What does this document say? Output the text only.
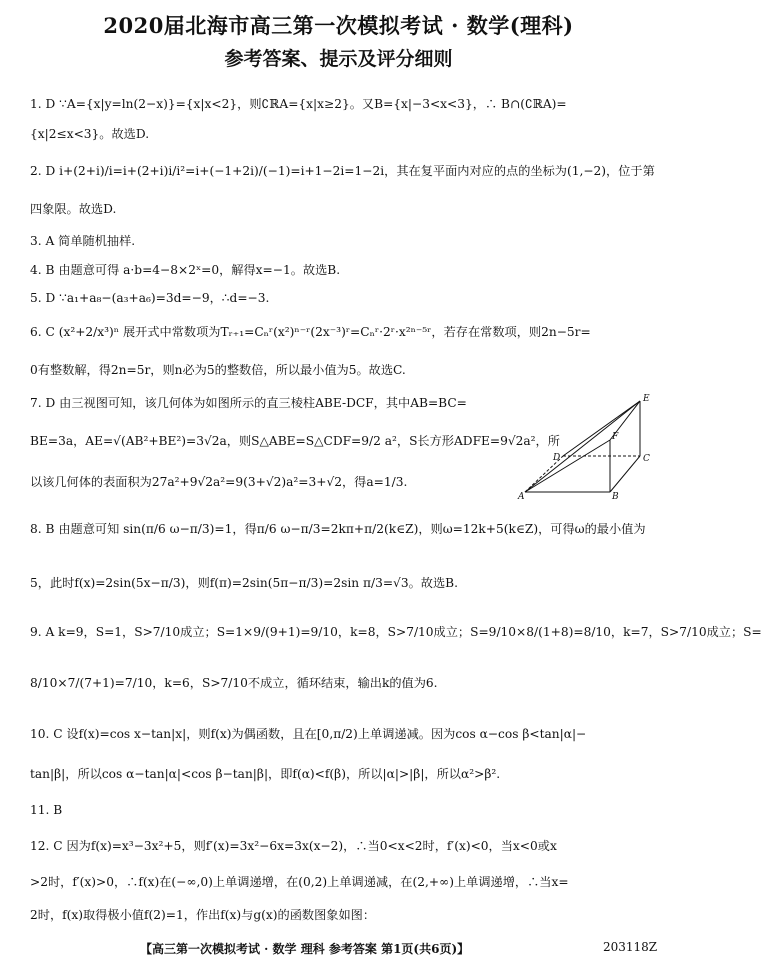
2020届北海市高三第一次模拟考试 · 数学(理科)
参考答案、提示及评分细则
1. D ∵A={x|y=ln(2−x)}={x|x<2}，则∁ℝA={x|x≥2}。又B={x|−3<x<3}，∴ B∩(∁ℝA)=
{x|2≤x<3}。故选D.
2. D i+(2+i)/i=i+(2+i)i/i²=i+(−1+2i)/(−1)=i+1−2i=1−2i，其在复平面内对应的点的坐标为(1,−2)，位于第
四象限。故选D.
3. A 简单随机抽样.
4. B 由题意可得 a·b=4−8×2ˣ=0，解得x=−1。故选B.
5. D ∵a₁+a₈−(a₃+a₆)=3d=−9，∴d=−3.
6. C (x²+2/x³)ⁿ 展开式中常数项为Tᵣ₊₁=Cₙʳ(x²)ⁿ⁻ʳ(2x⁻³)ʳ=Cₙʳ·2ʳ·x²ⁿ⁻⁵ʳ，若存在常数项，则2n−5r=
0有整数解，得2n=5r，则n必为5的整数倍，所以最小值为5。故选C.
7. D 由三视图可知，该几何体为如图所示的直三棱柱ABE-DCF，其中AB=BC=
BE=3a，AE=√(AB²+BE²)=3√2a，则S△ABE=S△CDF=9/2 a²，S长方形ADFE=9√2a²，所
以该几何体的表面积为27a²+9√2a²=9(3+√2)a²=3+√2，得a=1/3.
E
F
D	C
A	B
8. B 由题意可知 sin(π/6 ω−π/3)=1，得π/6 ω−π/3=2kπ+π/2(k∈Z)，则ω=12k+5(k∈Z)，可得ω的最小值为
5，此时f(x)=2sin(5x−π/3)，则f(π)=2sin(5π−π/3)=2sin π/3=√3。故选B.
9. A k=9，S=1，S>7/10成立；S=1×9/(9+1)=9/10，k=8，S>7/10成立；S=9/10×8/(1+8)=8/10，k=7，S>7/10成立；S=
8/10×7/(7+1)=7/10，k=6，S>7/10不成立，循环结束，输出k的值为6.
10. C 设f(x)=cos x−tan|x|，则f(x)为偶函数，且在[0,π/2)上单调递减。因为cos α−cos β<tan|α|−
tan|β|，所以cos α−tan|α|<cos β−tan|β|，即f(α)<f(β)，所以|α|>|β|，所以α²>β².
11. B
12. C 因为f(x)=x³−3x²+5，则f′(x)=3x²−6x=3x(x−2)，∴当0<x<2时，f′(x)<0，当x<0或x
>2时，f′(x)>0，∴f(x)在(−∞,0)上单调递增，在(0,2)上单调递减，在(2,+∞)上单调递增，∴当x=
2时，f(x)取得极小值f(2)=1，作出f(x)与g(x)的函数图象如图：
【高三第一次模拟考试 · 数学 理科 参考答案 第1页(共6页)】	203118Z
